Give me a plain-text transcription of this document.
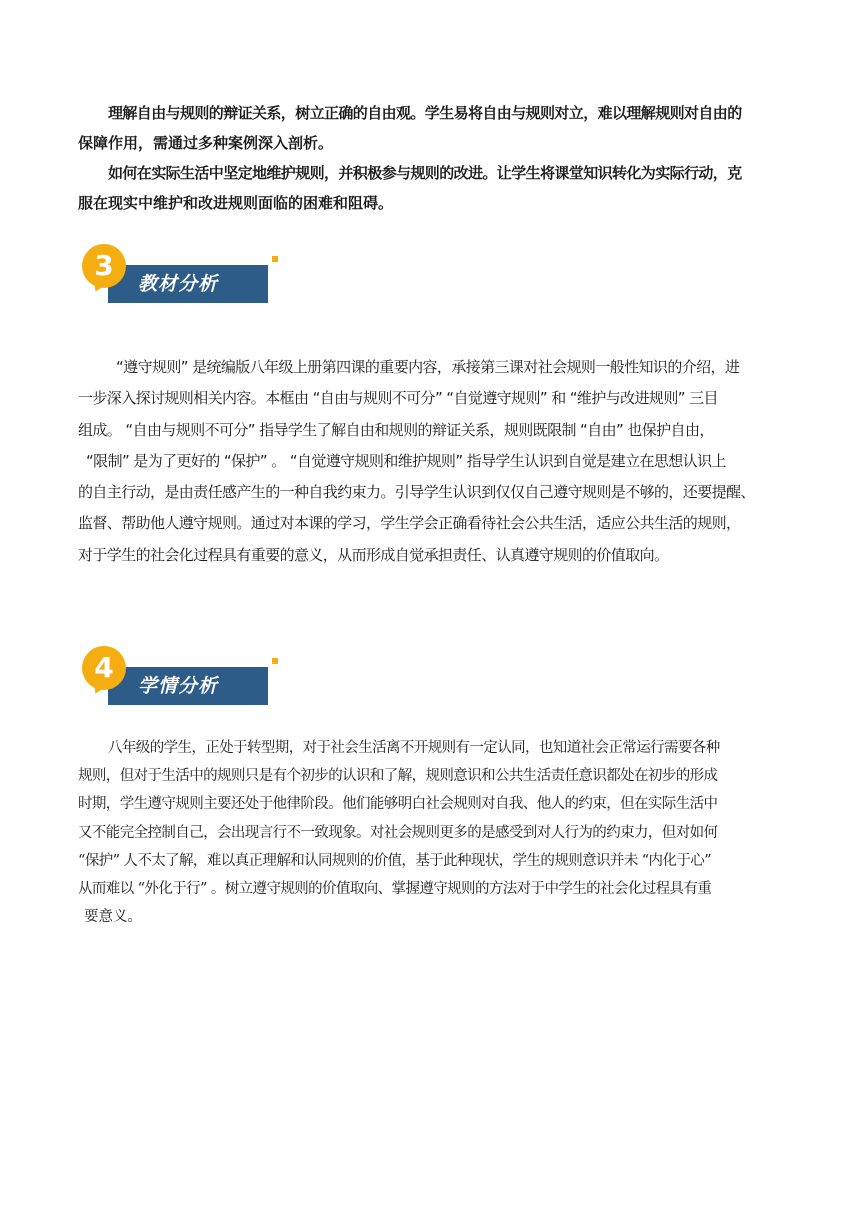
理解自由与规则的辩证关系，树立正确的自由观。学生易将自由与规则对立，难以理解规则对自由的
保障作用，需通过多种案例深入剖析。
如何在实际生活中坚定地维护规则，并积极参与规则的改进。让学生将课堂知识转化为实际行动，克
服在现实中维护和改进规则面临的困难和阻碍。
3
教材分析
“遵守规则” 是统编版八年级上册第四课的重要内容，承接第三课对社会规则一般性知识的介绍，进
一步深入探讨规则相关内容。本框由 “自由与规则不可分” “自觉遵守规则” 和 “维护与改进规则” 三目
组成。 “自由与规则不可分” 指导学生了解自由和规则的辩证关系，规则既限制 “自由” 也保护自由，
“限制” 是为了更好的 “保护” 。 “自觉遵守规则和维护规则” 指导学生认识到自觉是建立在思想认识上
的自主行动，是由责任感产生的一种自我约束力。引导学生认识到仅仅自己遵守规则是不够的，还要提醒、
监督、帮助他人遵守规则。通过对本课的学习，学生学会正确看待社会公共生活，适应公共生活的规则，
对于学生的社会化过程具有重要的意义，从而形成自觉承担责任、认真遵守规则的价值取向。
4
学情分析
八年级的学生，正处于转型期，对于社会生活离不开规则有一定认同，也知道社会正常运行需要各种
规则，但对于生活中的规则只是有个初步的认识和了解，规则意识和公共生活责任意识都处在初步的形成
时期，学生遵守规则主要还处于他律阶段。他们能够明白社会规则对自我、他人的约束，但在实际生活中
又不能完全控制自己，会出现言行不一致现象。对社会规则更多的是感受到对人行为的约束力，但对如何
“保护” 人不太了解，难以真正理解和认同规则的价值，基于此种现状，学生的规则意识并未 “内化于心”
从而难以 “外化于行” 。树立遵守规则的价值取向、掌握遵守规则的方法对于中学生的社会化过程具有重
要意义。
